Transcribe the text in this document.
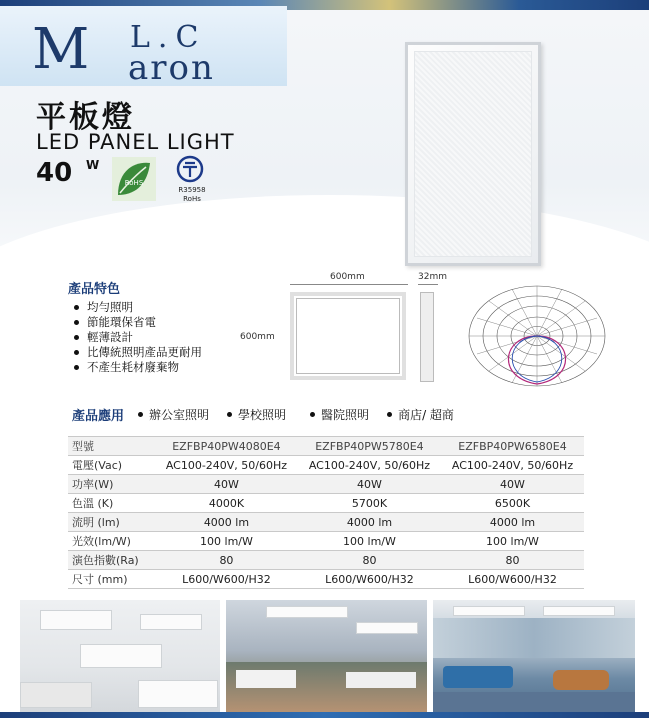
M L.C
aron
平板燈
LED PANEL LIGHT
40 W
RoHS
R35958
RoHs
產品特色
均勻照明
節能環保省電
輕薄設計
比傳統照明產品更耐用
不產生耗材廢棄物
600mm	32mm
600mm
產品應用 辦公室照明 學校照明	醫院照明 商店/ 超商
型號	EZFBP40PW4080E4	EZFBP40PW5780E4	EZFBP40PW6580E4
電壓(Vac)	AC100-240V, 50/60Hz	AC100-240V, 50/60Hz	AC100-240V, 50/60Hz
功率(W)	40W	40W	40W
色溫 (K)	4000K	5700K	6500K
流明 (lm)	4000 lm	4000 lm	4000 lm
光效(lm/W)	100 lm/W	100 lm/W	100 lm/W
演色指數(Ra)	80	80	80
尺寸 (mm)	L600/W600/H32	L600/W600/H32	L600/W600/H32
